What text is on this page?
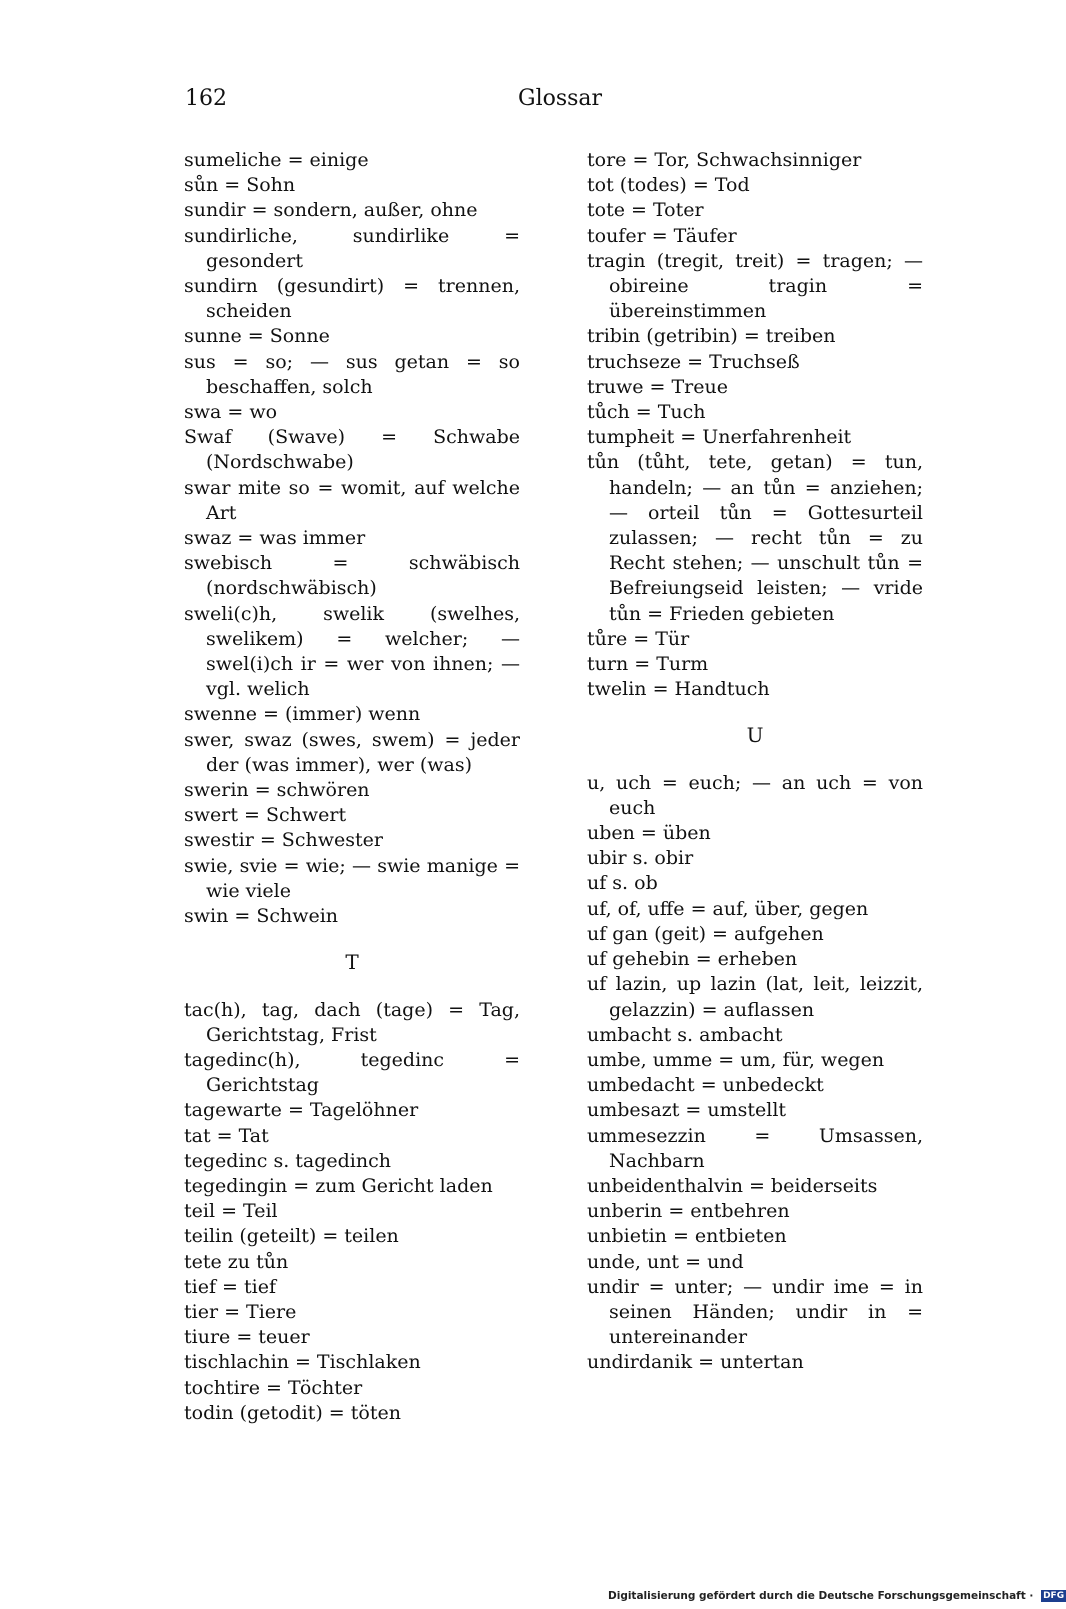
162	Glossar

sumeliche = einige

sůn = Sohn

sundir = sondern, außer, ohne

sundirliche, sundirlike = gesondert

sundirn (gesundirt) = trennen, scheiden

sunne = Sonne

sus = so; — sus getan = so beschaffen, solch

swa = wo

Swaf (Swave) = Schwabe (Nordschwabe)

swar mite so = womit, auf welche Art

swaz = was immer

swebisch = schwäbisch (nordschwäbisch)

sweli(c)h, swelik (swelhes, swelikem) = welcher; — swel(i)ch ir = wer von ihnen; — vgl. welich

swenne = (immer) wenn

swer, swaz (swes, swem) = jeder der (was immer), wer (was)

swerin = schwören

swert = Schwert

swestir = Schwester

swie, svie = wie; — swie manige = wie viele

swin = Schwein

T

tac(h), tag, dach (tage) = Tag, Gerichtstag, Frist

tagedinc(h), tegedinc = Gerichtstag

tagewarte = Tagelöhner

tat = Tat

tegedinc s. tagedinch

tegedingin = zum Gericht laden

teil = Teil

teilin (geteilt) = teilen

tete zu tůn

tief = tief

tier = Tiere

tiure = teuer

tischlachin = Tischlaken

tochtire = Töchter

todin (getodit) = töten

tore = Tor, Schwachsinniger

tot (todes) = Tod

tote = Toter

toufer = Täufer

tragin (tregit, treit) = tragen; — obireine tragin = übereinstimmen

tribin (getribin) = treiben

truchseze = Truchseß

truwe = Treue

tůch = Tuch

tumpheit = Unerfahrenheit

tůn (tůht, tete, getan) = tun, handeln; — an tůn = anziehen; — orteil tůn = Gottesurteil zulassen; — recht tůn = zu Recht stehen; — unschult tůn = Befreiungseid leisten; — vride tůn = Frieden gebieten

tůre = Tür

turn = Turm

twelin = Handtuch

U

u, uch = euch; — an uch = von euch

uben = üben

ubir s. obir

uf s. ob

uf, of, uffe = auf, über, gegen

uf gan (geit) = aufgehen

uf gehebin = erheben

uf lazin, up lazin (lat, leit, leizzit, gelazzin) = auflassen

umbacht s. ambacht

umbe, umme = um, für, wegen

umbedacht = unbedeckt

umbesazt = umstellt

ummesezzin = Umsassen, Nachbarn

unbeidenthalvin = beiderseits

unberin = entbehren

unbietin = entbieten

unde, unt = und

undir = unter; — undir ime = in seinen Händen; undir in = untereinander

undirdanik = untertan

Digitalisierung gefördert durch die Deutsche Forschungsgemeinschaft · DFG
